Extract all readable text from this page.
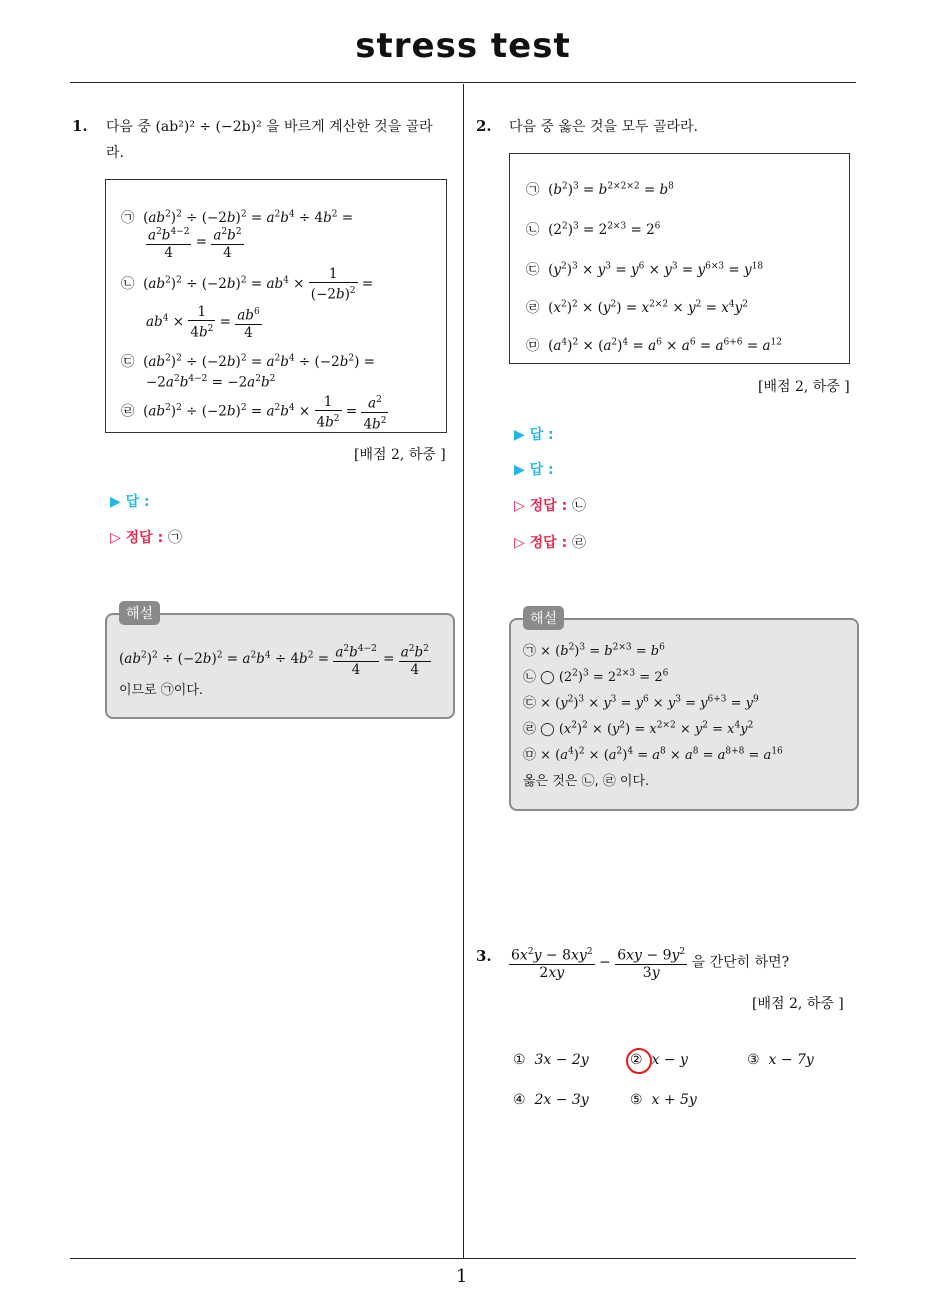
stress test
1
1. 다음 중 (ab²)² ÷ (−2b)² 을 바르게 계산한 것을 골라
라.
㉠  $(ab^2)^2 \div (-2b)^2 = a^2b^4 \div 4b^2$ =
$\frac{a^2b^{4-2}}{4} = \frac{a^2b^2}{4}$
㉡  $(ab^2)^2 \div (-2b)^2 = ab^4 \times \frac{1}{(-2b)^2}$ =
$ab^4 \times \frac{1}{4b^2} = \frac{ab^6}{4}$
㉢  $(ab^2)^2 \div (-2b)^2 = a^2b^4 \div (-2b^2)$ =
$-2a^2b^{4-2} = -2a^2b^2$
㉣  $(ab^2)^2 \div (-2b)^2 = a^2b^4 \times \frac{1}{4b^2} = \frac{a^2}{4b^2}$
[배점 2, 하중 ]
▶ 답 :
▷ 정답 : ㉠
$(ab^2)^2 \div (-2b)^2 = a^2b^4 \div 4b^2 = \frac{a^2b^{4-2}}{4} = \frac{a^2b^2}{4}$
이므로 ㉠이다.
해설
2. 다음 중 옳은 것을 모두 골라라.
㉠  $(b^2)^3 = b^{2\times 2\times 2} = b^8$
㉡  $(2^2)^3 = 2^{2\times 3} = 2^6$
㉢  $(y^2)^3 \times y^3 = y^6 \times y^3 = y^{6\times 3} = y^{18}$
㉣  $(x^2)^2 \times (y^2) = x^{2\times 2} \times y^2 = x^4y^2$
㉤  $(a^4)^2 \times (a^2)^4 = a^6 \times a^6 = a^{6+6} = a^{12}$
[배점 2, 하중 ]
▶ 답 :
▶ 답 :
▷ 정답 : ㉡
▷ 정답 : ㉣
㉠ × $(b^2)^3 = b^{2\times 3} = b^6$
㉡ ◯ $(2^2)^3 = 2^{2\times 3} = 2^6$
㉢ × $(y^2)^3 \times y^3 = y^6 \times y^3 = y^{6+3} = y^9$
㉣ ◯ $(x^2)^2 \times (y^2) = x^{2\times 2} \times y^2 = x^4y^2$
㉤ × $(a^4)^2 \times (a^2)^4 = a^8 \times a^8 = a^{8+8} = a^{16}$
옳은 것은 ㉡, ㉣ 이다.
해설
3. $\frac{6x^2y - 8xy^2}{2xy} - \frac{6xy - 9y^2}{3y}$ 을 간단히 하면?
[배점 2, 하중 ]
① 3x − 2y	② x − y	③ x − 7y
④ 2x − 3y	⑤ x + 5y
